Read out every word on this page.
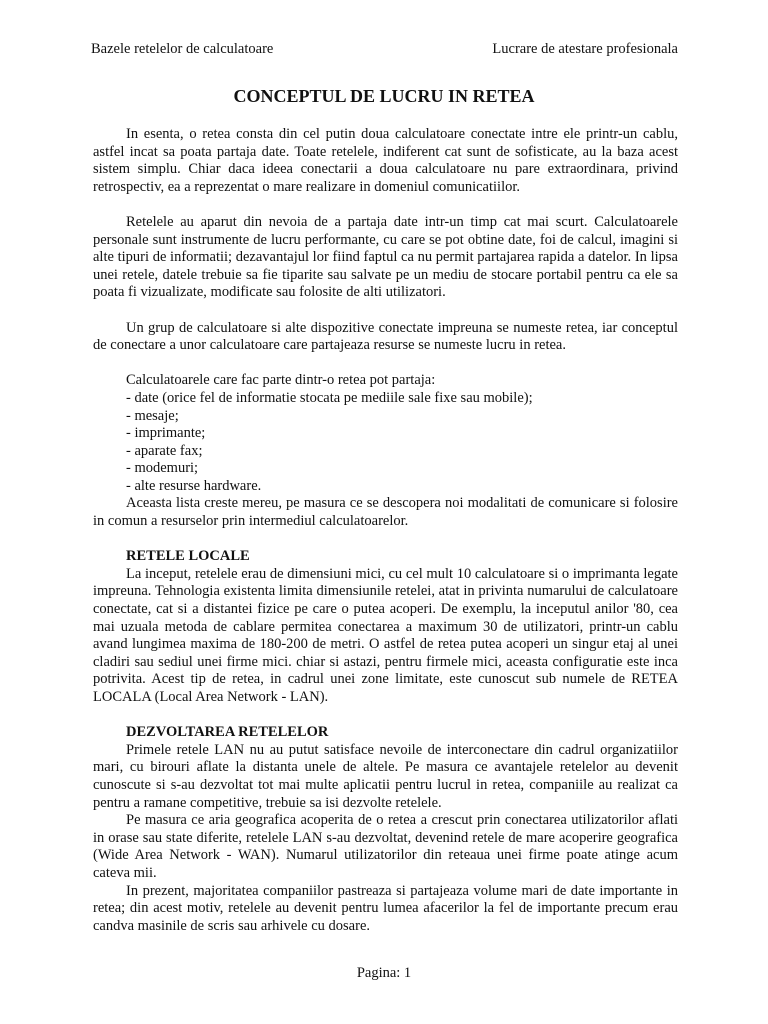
Bazele retelelor de calculatoare	Lucrare de atestare profesionala
CONCEPTUL DE LUCRU IN RETEA

In esenta, o retea consta din cel putin doua calculatoare conectate intre ele printr-un cablu, astfel incat sa poata partaja date. Toate retelele, indiferent cat sunt de sofisticate, au la baza acest sistem simplu. Chiar daca ideea conectarii a doua calculatoare nu pare extraordinara, privind retrospectiv, ea a reprezentat o mare realizare in domeniul comunicatiilor.

Retelele au aparut din nevoia de a partaja date intr-un timp cat mai scurt. Calculatoarele personale sunt instrumente de lucru performante, cu care se pot obtine date, foi de calcul, imagini si alte tipuri de informatii; dezavantajul lor fiind faptul ca nu permit partajarea rapida a datelor. In lipsa unei retele, datele trebuie sa fie tiparite sau salvate pe un mediu de stocare portabil pentru ca ele sa poata fi vizualizate, modificate sau folosite de alti utilizatori.

Un grup de calculatoare si alte dispozitive conectate impreuna se numeste retea, iar conceptul de conectare a unor calculatoare care partajeaza resurse se numeste lucru in retea.

Calculatoarele care fac parte dintr-o retea pot partaja:

- date (orice fel de informatie stocata pe mediile sale fixe sau mobile);
- mesaje;
- imprimante;
- aparate fax;
- modemuri;
- alte resurse hardware.

Aceasta lista creste mereu, pe masura ce se descopera noi modalitati de comunicare si folosire in comun a resurselor prin intermediul calculatoarelor.

RETELE LOCALE

La inceput, retelele erau de dimensiuni mici, cu cel mult 10 calculatoare si o imprimanta legate impreuna. Tehnologia existenta limita dimensiunile retelei, atat in privinta numarului de calculatoare conectate, cat si a distantei fizice pe care o putea acoperi. De exemplu, la inceputul anilor '80, cea mai uzuala metoda de cablare permitea conectarea a maximum 30 de utilizatori, printr-un cablu avand lungimea maxima de 180-200 de metri. O astfel de retea putea acoperi un singur etaj al unei cladiri sau sediul unei firme mici. chiar si astazi, pentru firmele mici, aceasta configuratie este inca potrivita. Acest tip de retea, in cadrul unei zone limitate, este cunoscut sub numele de RETEA LOCALA (Local Area Network - LAN).

DEZVOLTAREA RETELELOR

Primele retele LAN nu au putut satisface nevoile de interconectare din cadrul organizatiilor mari, cu birouri aflate la distanta unele de altele. Pe masura ce avantajele retelelor au devenit cunoscute si s-au dezvoltat tot mai multe aplicatii pentru lucrul in retea, companiile au realizat ca pentru a ramane competitive, trebuie sa isi dezvolte retelele.

Pe masura ce aria geografica acoperita de o retea a crescut prin conectarea utilizatorilor aflati in orase sau state diferite, retelele LAN s-au dezvoltat, devenind retele de mare acoperire geografica (Wide Area Network - WAN). Numarul utilizatorilor din reteaua unei firme poate atinge acum cateva mii.

In prezent, majoritatea companiilor pastreaza si partajeaza volume mari de date importante in retea; din acest motiv, retelele au devenit pentru lumea afacerilor la fel de importante precum erau candva masinile de scris sau arhivele cu dosare.

Pagina: 1
